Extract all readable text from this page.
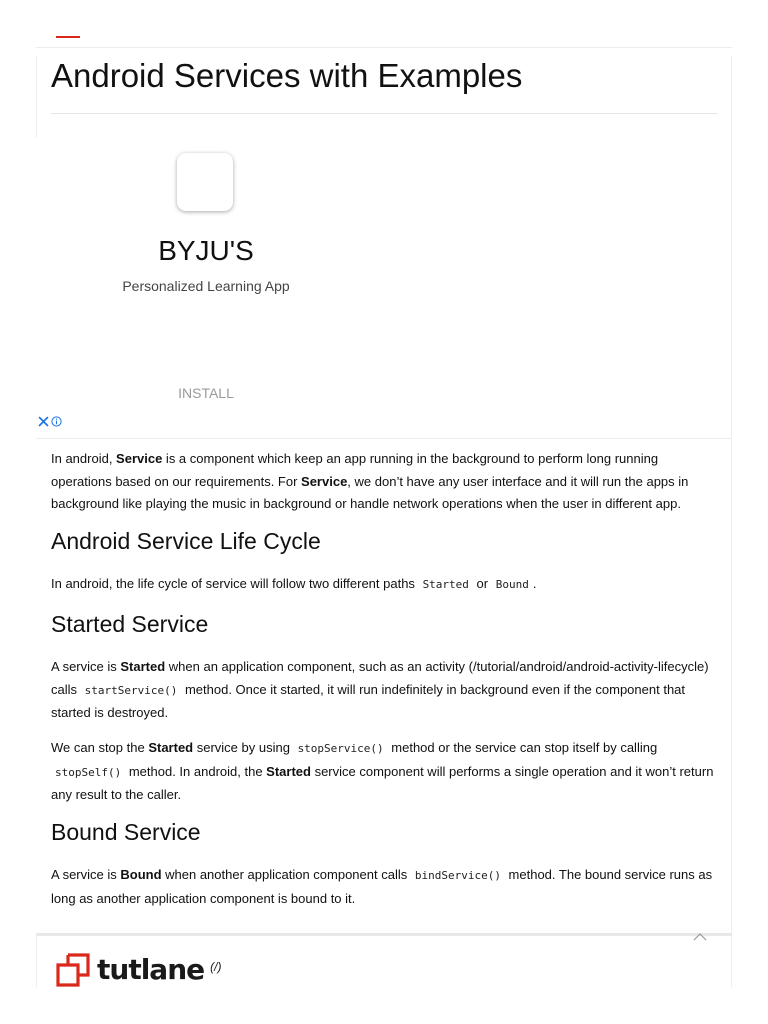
Android Services with Examples
BYJU'S
Personalized Learning App
INSTALL

In android, Service is a component which keep an app running in the background to perform long running operations based on our requirements. For Service, we don’t have any user interface and it will run the apps in background like playing the music in background or handle network operations when the user in different app.

Android Service Life Cycle

In android, the life cycle of service will follow two different paths Started or Bound .

Started Service

A service is Started when an application component, such as an activity (/tutorial/android/android-activity-lifecycle) calls startService() method. Once it started, it will run indefinitely in background even if the component that started is destroyed.

We can stop the Started service by using stopService() method or the service can stop itself by calling stopSelf() method. In android, the Started service component will performs a single operation and it won’t return any result to the caller.

Bound Service

A service is Bound when another application component calls bindService() method. The bound service runs as long as another application component is bound to it.

tutlane (/)
